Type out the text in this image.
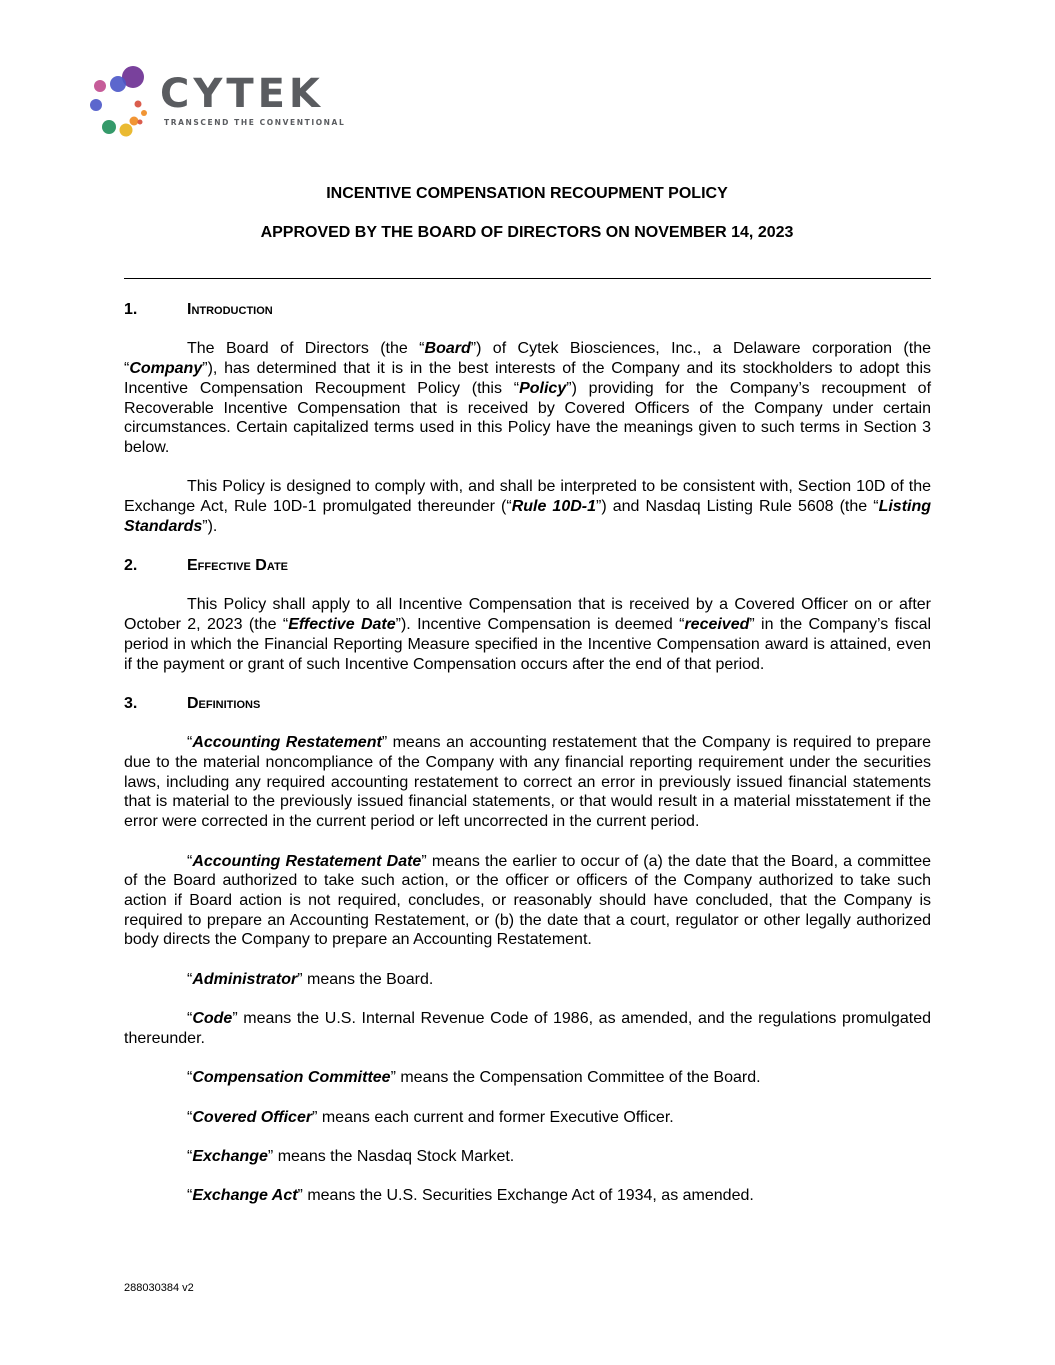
CYTEK
TRANSCEND THE CONVENTIONAL
INCENTIVE COMPENSATION RECOUPMENT POLICY
APPROVED BY THE BOARD OF DIRECTORS ON NOVEMBER 14, 2023
1.	Introduction

The Board of Directors (the “Board”) of Cytek Biosciences, Inc., a Delaware corporation (the “Company”), has determined that it is in the best interests of the Company and its stockholders to adopt this Incentive Compensation Recoupment Policy (this “Policy”) providing for the Company’s recoupment of Recoverable Incentive Compensation that is received by Covered Officers of the Company under certain circumstances. Certain capitalized terms used in this Policy have the meanings given to such terms in Section 3 below.

This Policy is designed to comply with, and shall be interpreted to be consistent with, Section 10D of the Exchange Act, Rule 10D-1 promulgated thereunder (“Rule 10D-1”) and Nasdaq Listing Rule 5608 (the “Listing Standards”).

2.	Effective Date

This Policy shall apply to all Incentive Compensation that is received by a Covered Officer on or after October 2, 2023 (the “Effective Date”). Incentive Compensation is deemed “received” in the Company’s fiscal period in which the Financial Reporting Measure specified in the Incentive Compensation award is attained, even if the payment or grant of such Incentive Compensation occurs after the end of that period.

3.	Definitions

“Accounting Restatement” means an accounting restatement that the Company is required to prepare due to the material noncompliance of the Company with any financial reporting requirement under the securities laws, including any required accounting restatement to correct an error in previously issued financial statements that is material to the previously issued financial statements, or that would result in a material misstatement if the error were corrected in the current period or left uncorrected in the current period.

“Accounting Restatement Date” means the earlier to occur of (a) the date that the Board, a committee of the Board authorized to take such action, or the officer or officers of the Company authorized to take such action if Board action is not required, concludes, or reasonably should have concluded, that the Company is required to prepare an Accounting Restatement, or (b) the date that a court, regulator or other legally authorized body directs the Company to prepare an Accounting Restatement.

“Administrator” means the Board.

“Code” means the U.S. Internal Revenue Code of 1986, as amended, and the regulations promulgated thereunder.

“Compensation Committee” means the Compensation Committee of the Board.

“Covered Officer” means each current and former Executive Officer.

“Exchange” means the Nasdaq Stock Market.

“Exchange Act” means the U.S. Securities Exchange Act of 1934, as amended.

288030384 v2
